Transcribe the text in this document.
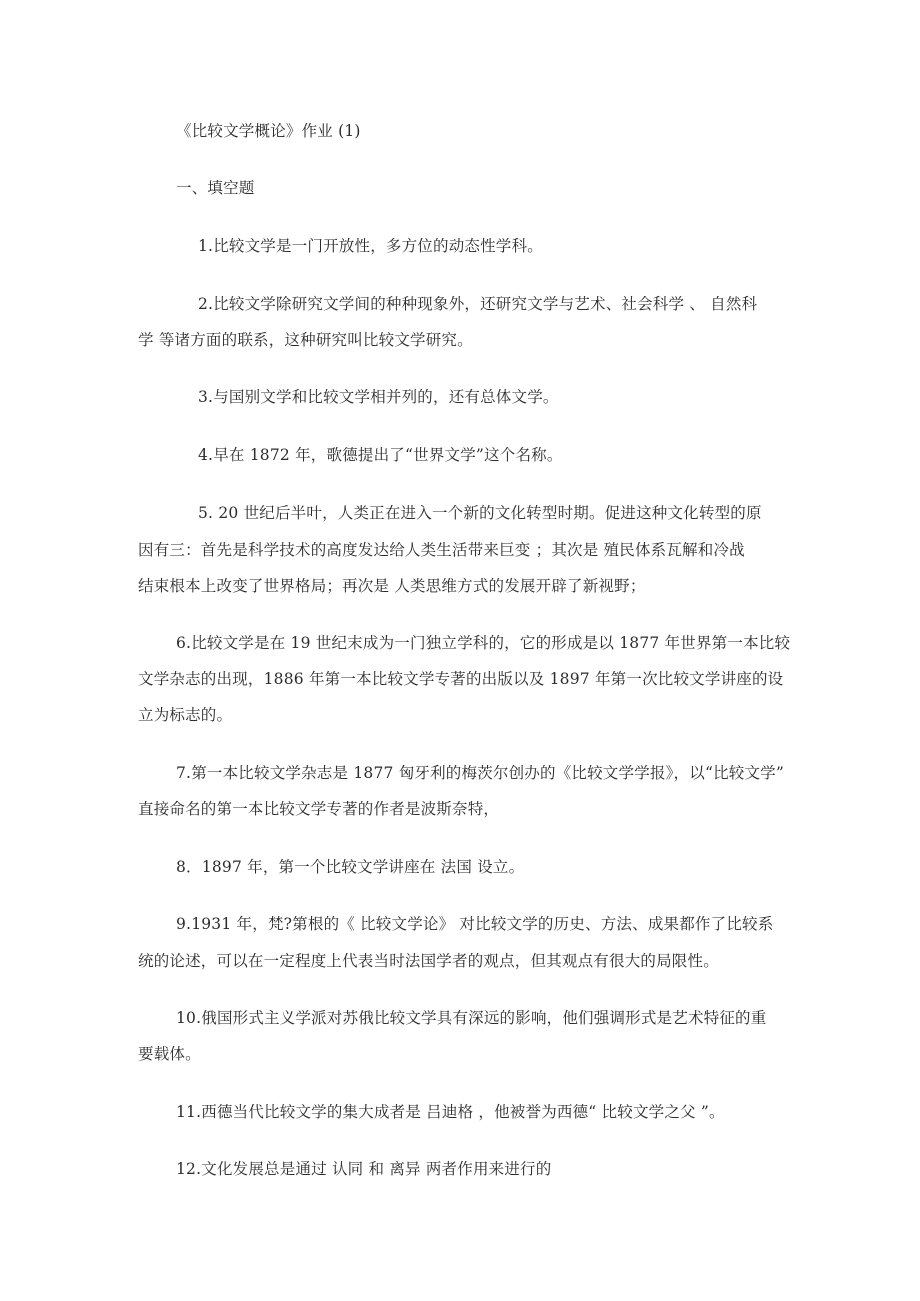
《比较文学概论》作业 (1)
一、填空题
1.比较文学是一门开放性，多方位的动态性学科。
2.比较文学除研究文学间的种种现象外，还研究文学与艺术、社会科学 、 自然科
学 等诸方面的联系，这种研究叫比较文学研究。
3.与国别文学和比较文学相并列的，还有总体文学。
4.早在 1872 年，歌德提出了“世界文学”这个名称。
5. 20 世纪后半叶，人类正在进入一个新的文化转型时期。促进这种文化转型的原
因有三：首先是科学技术的高度发达给人类生活带来巨变 ；其次是 殖民体系瓦解和冷战
结束根本上改变了世界格局；再次是 人类思维方式的发展开辟了新视野；
6.比较文学是在 19 世纪末成为一门独立学科的，它的形成是以 1877 年世界第一本比较
文学杂志的出现，1886 年第一本比较文学专著的出版以及 1897 年第一次比较文学讲座的设
立为标志的。
7.第一本比较文学杂志是 1877 匈牙利的梅茨尔创办的《比较文学学报》，以“比较文学”
直接命名的第一本比较文学专著的作者是波斯奈特，
8．1897 年，第一个比较文学讲座在 法国 设立。
9.1931 年，梵?第根的《 比较文学论》 对比较文学的历史、方法、成果都作了比较系
统的论述，可以在一定程度上代表当时法国学者的观点，但其观点有很大的局限性。
10.俄国形式主义学派对苏俄比较文学具有深远的影响，他们强调形式是艺术特征的重
要载体。
11.西德当代比较文学的集大成者是 吕迪格 ，他被誉为西德“ 比较文学之父 ”。
12.文化发展总是通过 认同 和 离异 两者作用来进行的
